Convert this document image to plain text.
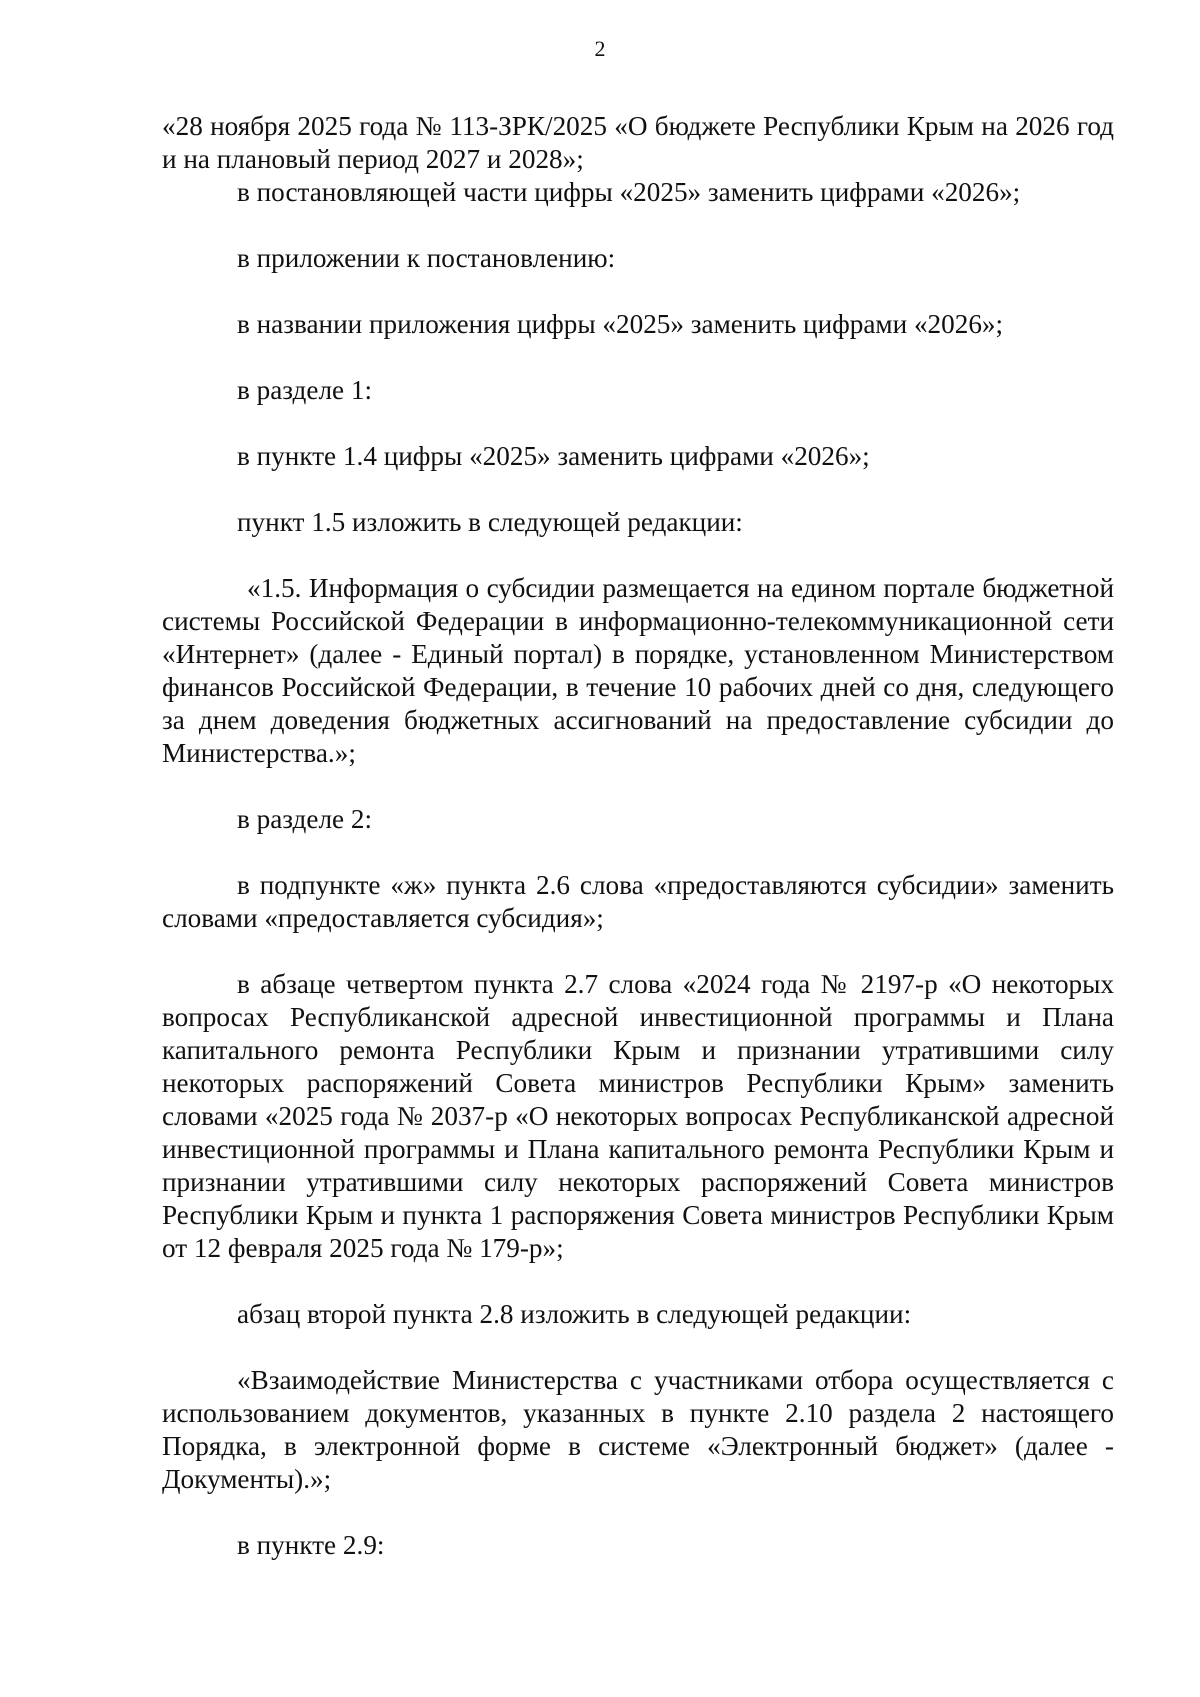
2

«28 ноября 2025 года № 113-ЗРК/2025 «О бюджете Республики Крым на 2026 год и на плановый период 2027 и 2028»;

в постановляющей части цифры «2025» заменить цифрами «2026»;

в приложении к постановлению:

в названии приложения цифры «2025» заменить цифрами «2026»;

в разделе 1:

в пункте 1.4 цифры «2025» заменить цифрами «2026»;

пункт 1.5 изложить в следующей редакции:

«1.5. Информация о субсидии размещается на едином портале бюджетной системы Российской Федерации в информационно-телекоммуникационной сети «Интернет» (далее - Единый портал) в порядке, установленном Министерством финансов Российской Федерации, в течение 10 рабочих дней со дня, следующего за днем доведения бюджетных ассигнований на предоставление субсидии до Министерства.»;

в разделе 2:

в подпункте «ж» пункта 2.6 слова «предоставляются субсидии» заменить словами «предоставляется субсидия»;

в абзаце четвертом пункта 2.7 слова «2024 года № 2197-р «О некоторых вопросах Республиканской адресной инвестиционной программы и Плана капитального ремонта Республики Крым и признании утратившими силу некоторых распоряжений Совета министров Республики Крым» заменить словами «2025 года № 2037-р «О некоторых вопросах Республиканской адресной инвестиционной программы и Плана капитального ремонта Республики Крым и признании утратившими силу некоторых распоряжений Совета министров Республики Крым и пункта 1 распоряжения Совета министров Республики Крым от 12 февраля 2025 года № 179-р»;

абзац второй пункта 2.8 изложить в следующей редакции:

«Взаимодействие Министерства с участниками отбора осуществляется с использованием документов, указанных в пункте 2.10 раздела 2 настоящего Порядка, в электронной форме в системе «Электронный бюджет» (далее - Документы).»;

в пункте 2.9:
